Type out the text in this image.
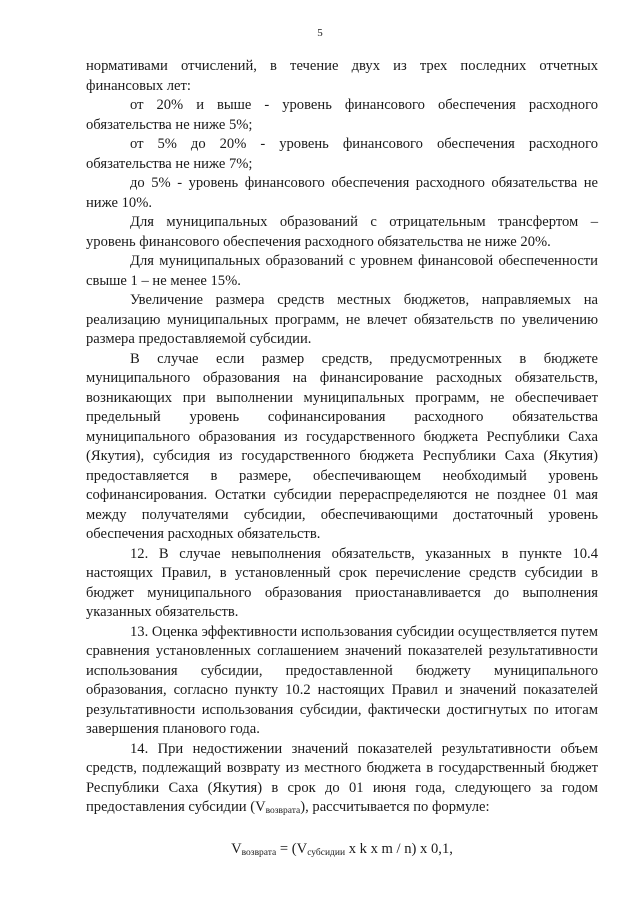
5

нормативами отчислений, в течение двух из трех последних отчетных финансовых лет:

от 20% и выше - уровень финансового обеспечения расходного обязательства не ниже 5%;

от 5% до 20% - уровень финансового обеспечения расходного обязательства не ниже 7%;

до 5% - уровень финансового обеспечения расходного обязательства не ниже 10%.

Для муниципальных образований с отрицательным трансфертом – уровень финансового обеспечения расходного обязательства не ниже 20%.

Для муниципальных образований с уровнем финансовой обеспеченности свыше 1 – не менее 15%.

Увеличение размера средств местных бюджетов, направляемых на реализацию муниципальных программ, не влечет обязательств по увеличению размера предоставляемой субсидии.

В случае если размер средств, предусмотренных в бюджете муниципального образования на финансирование расходных обязательств, возникающих при выполнении муниципальных программ, не обеспечивает предельный уровень софинансирования расходного обязательства муниципального образования из государственного бюджета Республики Саха (Якутия), субсидия из государственного бюджета Республики Саха (Якутия) предоставляется в размере, обеспечивающем необходимый уровень софинансирования. Остатки субсидии перераспределяются не позднее 01 мая между получателями субсидии, обеспечивающими достаточный уровень обеспечения расходных обязательств.

12. В случае невыполнения обязательств, указанных в пункте 10.4 настоящих Правил, в установленный срок перечисление средств субсидии в бюджет муниципального образования приостанавливается до выполнения указанных обязательств.

13. Оценка эффективности использования субсидии осуществляется путем сравнения установленных соглашением значений показателей результативности использования субсидии, предоставленной бюджету муниципального образования, согласно пункту 10.2 настоящих Правил и значений показателей результативности использования субсидии, фактически достигнутых по итогам завершения планового года.

14. При недостижении значений показателей результативности объем средств, подлежащий возврату из местного бюджета в государственный бюджет Республики Саха (Якутия) в срок до 01 июня года, следующего за годом предоставления субсидии (Vвозврата), рассчитывается по формуле:

$V_{возврата} = (V_{субсидии}$ x k x m / n) x 0,1,
